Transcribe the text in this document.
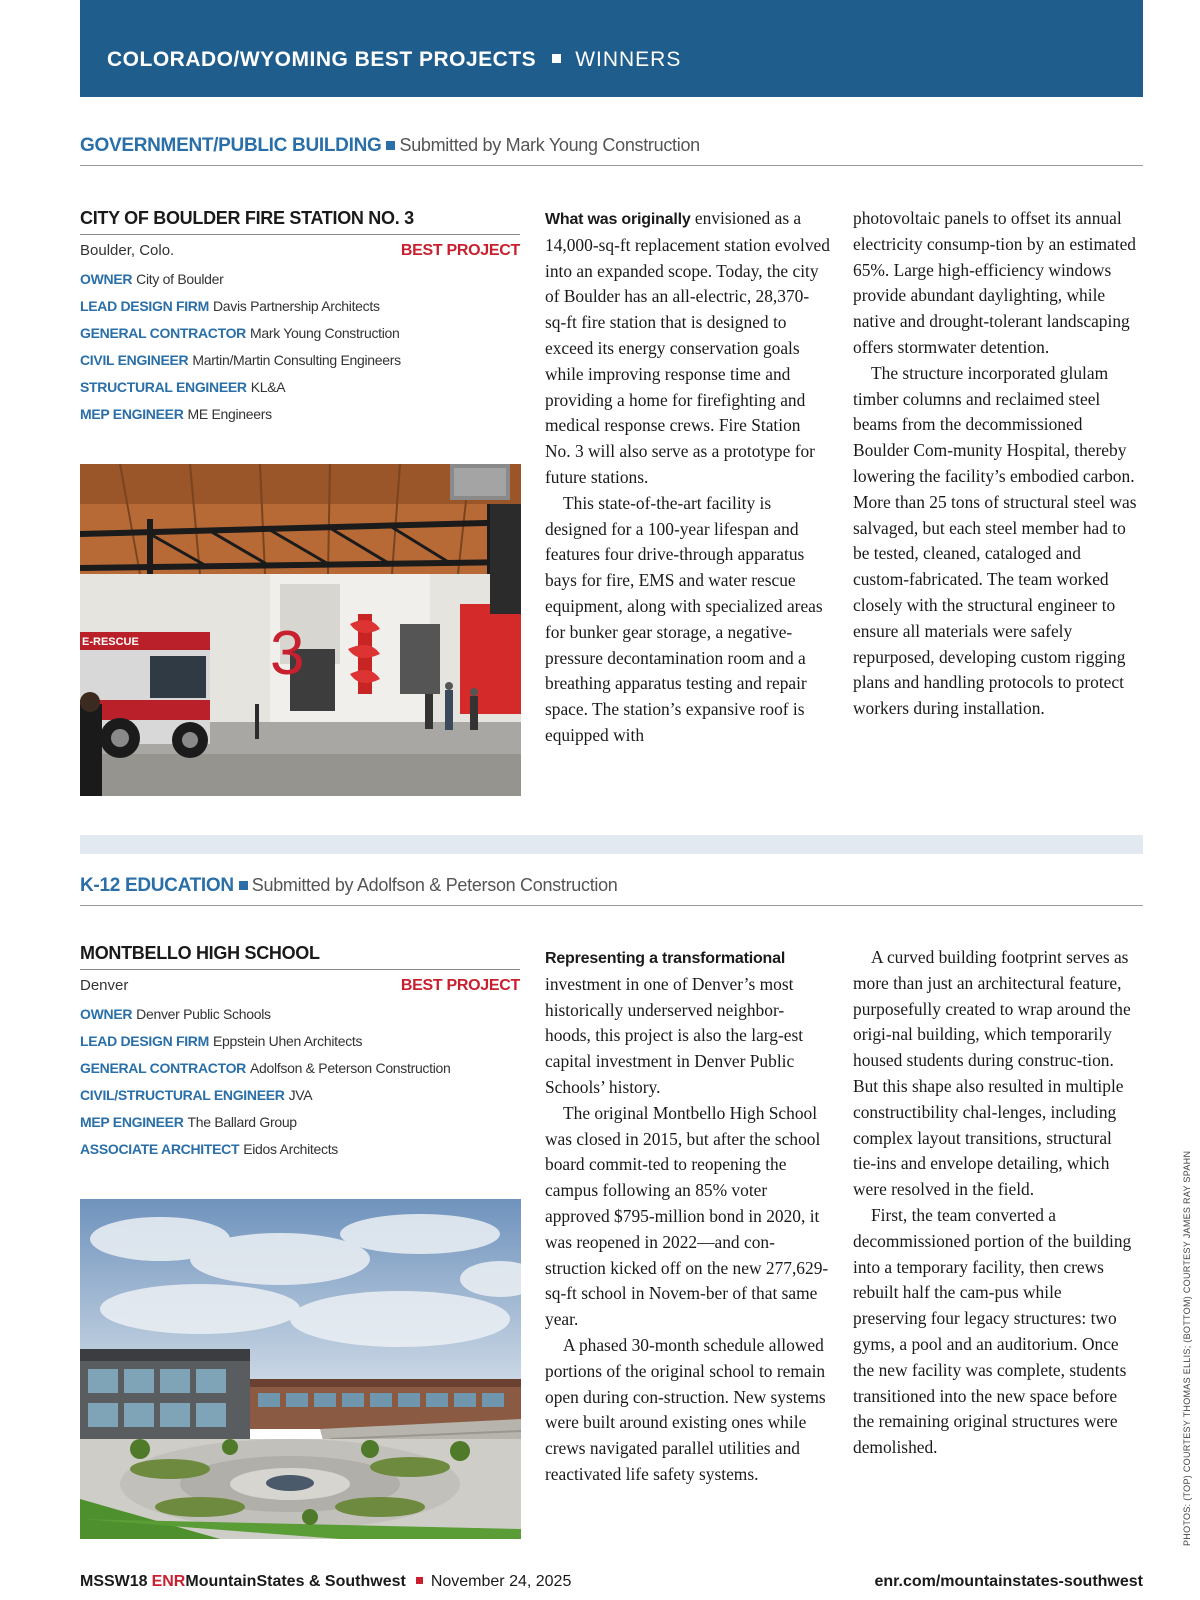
COLORADO/WYOMING BEST PROJECTS WINNERS
GOVERNMENT/PUBLIC BUILDING Submitted by Mark Young Construction
CITY OF BOULDER FIRE STATION NO. 3
Boulder, Colo.	BEST PROJECT
OWNER City of Boulder
LEAD DESIGN FIRM Davis Partnership Architects
GENERAL CONTRACTOR Mark Young Construction
CIVIL ENGINEER Martin/Martin Consulting Engineers
STRUCTURAL ENGINEER KL&A
MEP ENGINEER ME Engineers
3
E-RESCUE

What was originally envisioned as a 14,000-sq-ft replacement station evolved into an expanded scope. Today, the city of Boulder has an all-electric, 28,370-sq-ft fire station that is designed to exceed its energy conservation goals while improving response time and providing a home for firefighting and medical response crews. Fire Station No. 3 will also serve as a prototype for future stations.

This state-of-the-art facility is designed for a 100-year lifespan and features four drive-through apparatus bays for fire, EMS and water rescue equipment, along with specialized areas for bunker gear storage, a negative-pressure decontamination room and a breathing apparatus testing and repair space. The station’s expansive roof is equipped with

photovoltaic panels to offset its annual electricity consump-tion by an estimated 65%. Large high-efficiency windows provide abundant daylighting, while native and drought-tolerant landscaping offers stormwater detention.

The structure incorporated glulam timber columns and reclaimed steel beams from the decommissioned Boulder Com-munity Hospital, thereby lowering the facility’s embodied carbon. More than 25 tons of structural steel was salvaged, but each steel member had to be tested, cleaned, cataloged and custom-fabricated. The team worked closely with the structural engineer to ensure all materials were safely repurposed, developing custom rigging plans and handling protocols to protect workers during installation.

K-12 EDUCATION Submitted by Adolfson & Peterson Construction
MONTBELLO HIGH SCHOOL
Denver	BEST PROJECT
OWNER Denver Public Schools
LEAD DESIGN FIRM Eppstein Uhen Architects
GENERAL CONTRACTOR Adolfson & Peterson Construction
CIVIL/STRUCTURAL ENGINEER JVA
MEP ENGINEER The Ballard Group
ASSOCIATE ARCHITECT Eidos Architects

Representing a transformational investment in one of Denver’s most historically underserved neighbor-hoods, this project is also the larg-est capital investment in Denver Public Schools’ history.

The original Montbello High School was closed in 2015, but after the school board commit-ted to reopening the campus following an 85% voter approved $795-million bond in 2020, it was reopened in 2022—and con-struction kicked off on the new 277,629-sq-ft school in Novem-ber of that same year.

A phased 30-month schedule allowed portions of the original school to remain open during con-struction. New systems were built around existing ones while crews navigated parallel utilities and reactivated life safety systems.

A curved building footprint serves as more than just an architectural feature, purposefully created to wrap around the origi-nal building, which temporarily housed students during construc-tion. But this shape also resulted in multiple constructibility chal-lenges, including complex layout transitions, structural tie-ins and envelope detailing, which were resolved in the field.

First, the team converted a decommissioned portion of the building into a temporary facility, then crews rebuilt half the cam-pus while preserving four legacy structures: two gyms, a pool and an auditorium. Once the new facility was complete, students transitioned into the new space before the remaining original structures were demolished.	PHOTOS: (TOP) COURTESY THOMAS ELLIS; (BOTTOM) COURTESY JAMES RAY SPAHN
MSSW18 ENRMountainStates & Southwest November 24, 2025	enr.com/mountainstates-southwest
